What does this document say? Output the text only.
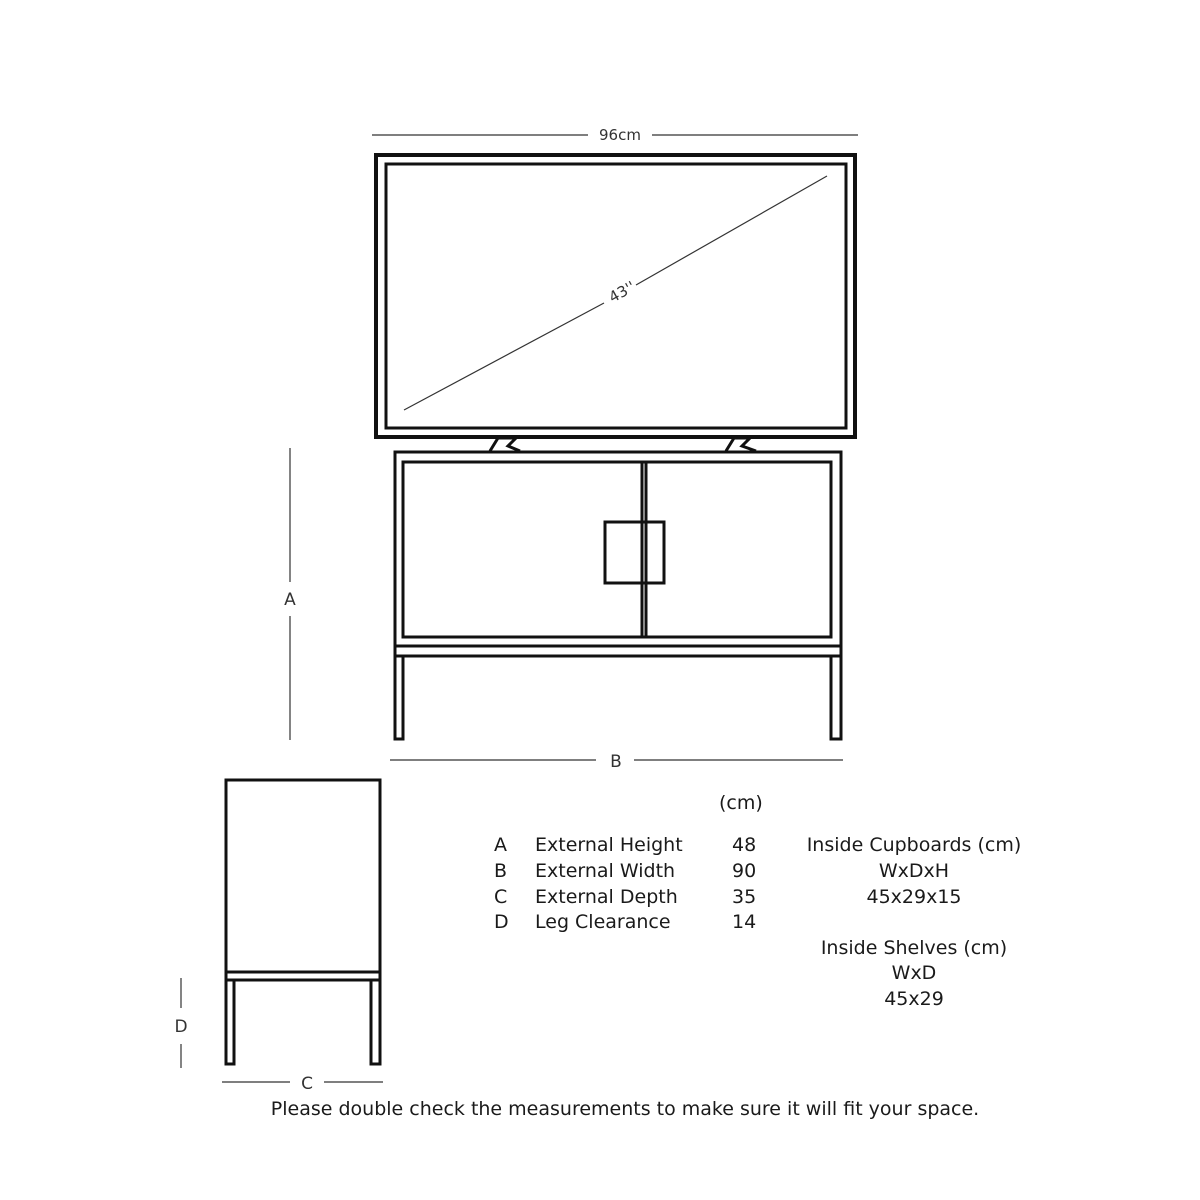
96cm
43''
A
B
D
C
(cm)
A External Height	48
B External Width	90
C External Depth	35
D Leg Clearance	14
Inside Cupboards (cm)
WxDxH
45x29x15
Inside Shelves (cm)
WxD
45x29
Please double check the measurements to make sure it will fit your space.
